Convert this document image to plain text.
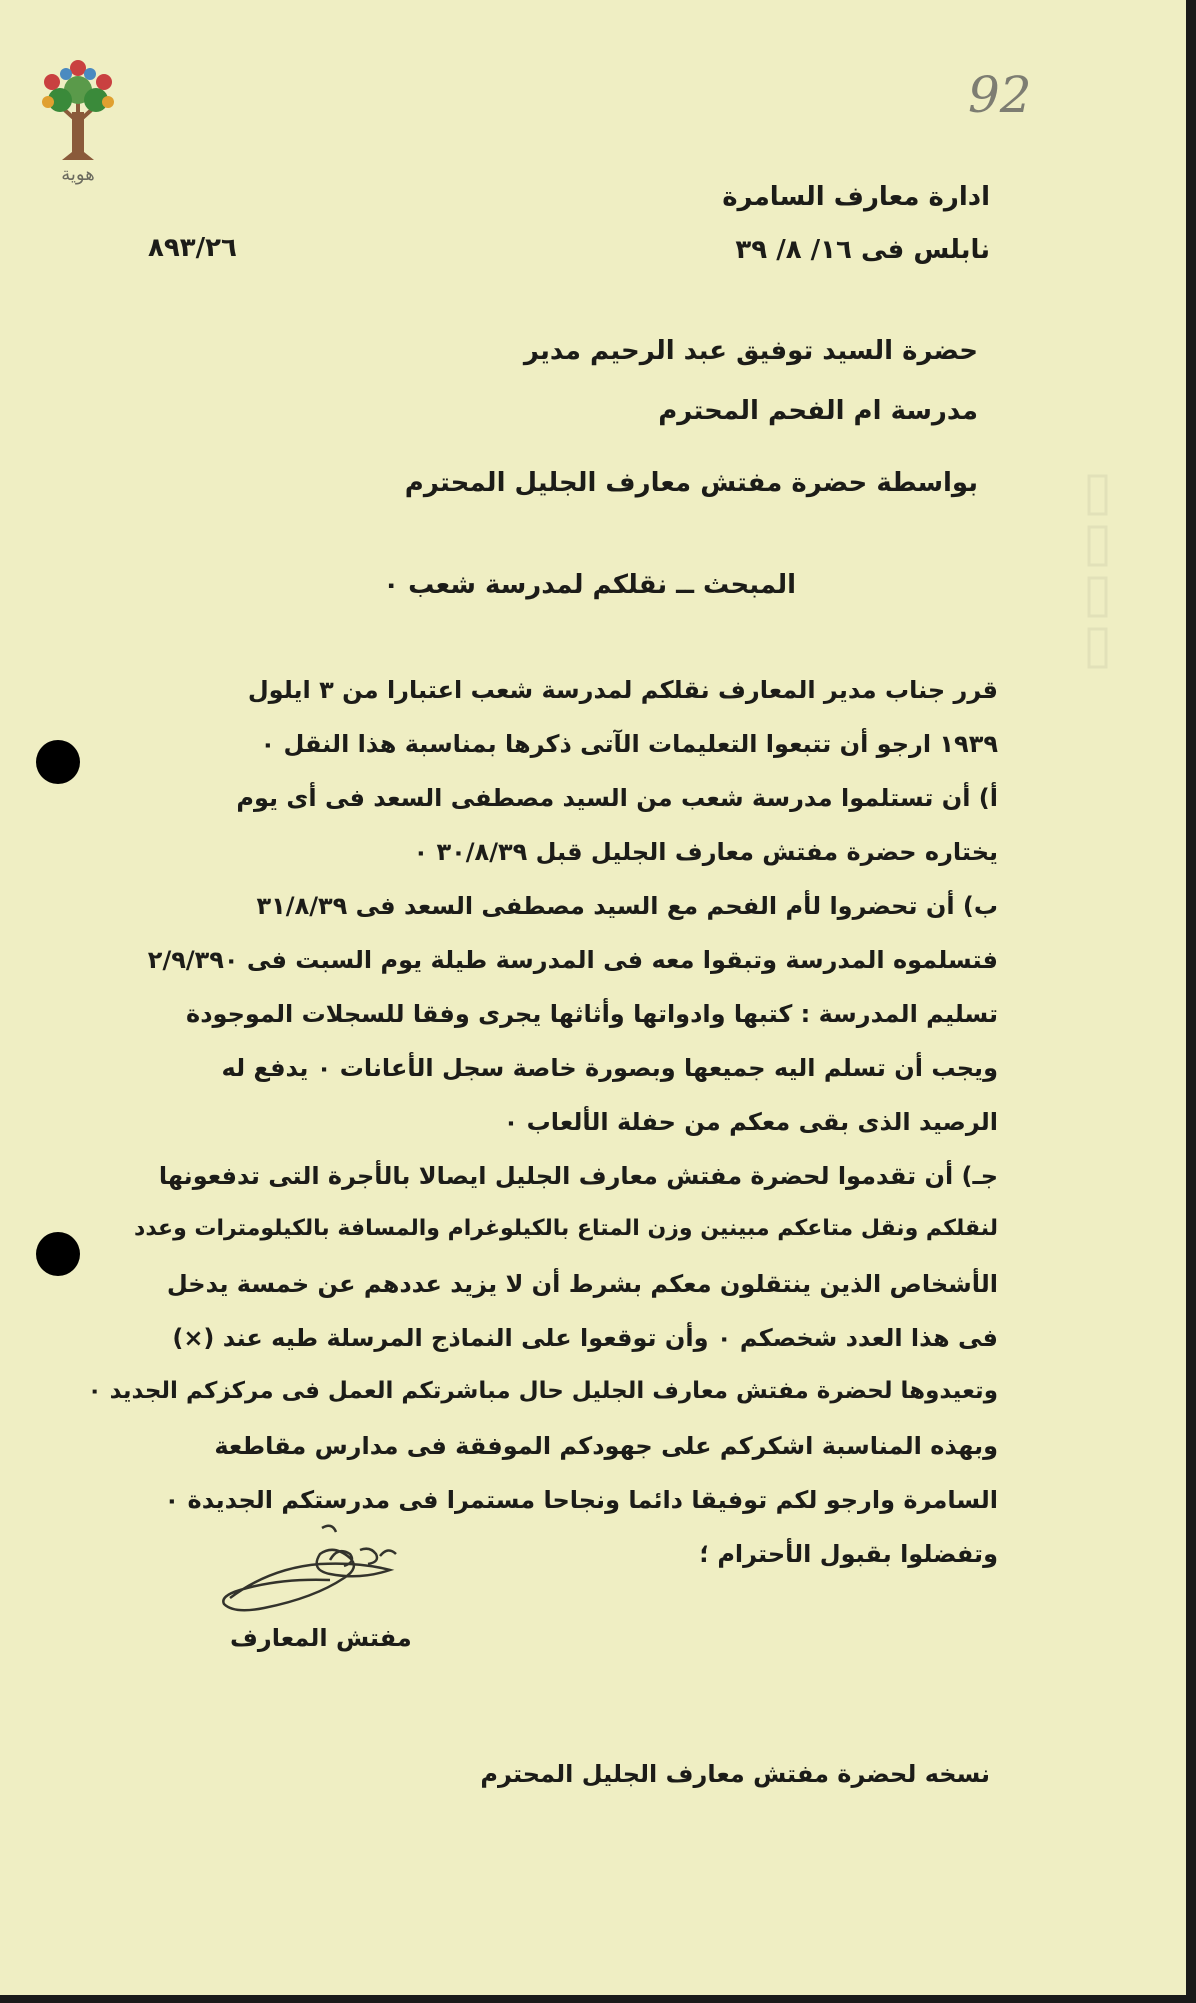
▭▭▭▭
هوية
92
ادارة معارف السامرة
نابلس فى ١٦/ ٨/ ٣٩
٨٩٣/٢٦
حضرة السيد توفيق عبد الرحيم مدير
مدرسة ام الفحم المحترم
بواسطة حضرة مفتش معارف الجليل المحترم
المبحث ــ نقلكم لمدرسة شعب ٠
قرر جناب مدير المعارف نقلكم لمدرسة شعب اعتبارا من ٣ ايلول
١٩٣٩ ارجو أن تتبعوا التعليمات الآتى ذكرها بمناسبة هذا النقل ٠
أ) أن تستلموا مدرسة شعب من السيد مصطفى السعد فى أى يوم
يختاره حضرة مفتش معارف الجليل قبل ٣٠/٨/٣٩ ٠
ب) أن تحضروا لأم الفحم مع السيد مصطفى السعد فى ٣١/٨/٣٩
فتسلموه المدرسة وتبقوا معه فى المدرسة طيلة يوم السبت فى ٢/٩/٣٩٠
تسليم المدرسة : كتبها وادواتها وأثاثها يجرى وفقا للسجلات الموجودة
ويجب أن تسلم اليه جميعها وبصورة خاصة سجل الأعانات ٠ يدفع له
الرصيد الذى بقى معكم من حفلة الألعاب ٠
جـ) أن تقدموا لحضرة مفتش معارف الجليل ايصالا بالأجرة التى تدفعونها
لنقلكم ونقل متاعكم مبينين وزن المتاع بالكيلوغرام والمسافة بالكيلومترات وعدد
الأشخاص الذين ينتقلون معكم بشرط أن لا يزيد عددهم عن خمسة يدخل
فى هذا العدد شخصكم ٠ وأن توقعوا على النماذج المرسلة طيه عند (×)
وتعيدوها لحضرة مفتش معارف الجليل حال مباشرتكم العمل فى مركزكم الجديد ٠
وبهذه المناسبة اشكركم على جهودكم الموفقة فى مدارس مقاطعة
السامرة وارجو لكم توفيقا دائما ونجاحا مستمرا فى مدرستكم الجديدة ٠
وتفضلوا بقبول الأحترام ؛
مفتش المعارف
نسخه لحضرة مفتش معارف الجليل المحترم
